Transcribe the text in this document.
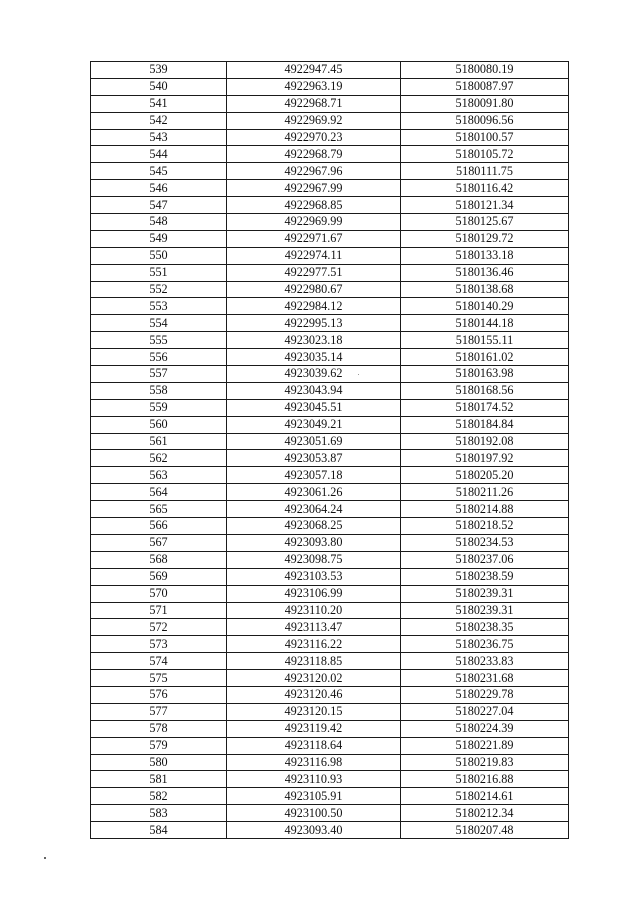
539	4922947.45	5180080.19
540	4922963.19	5180087.97
541	4922968.71	5180091.80
542	4922969.92	5180096.56
543	4922970.23	5180100.57
544	4922968.79	5180105.72
545	4922967.96	5180111.75
546	4922967.99	5180116.42
547	4922968.85	5180121.34
548	4922969.99	5180125.67
549	4922971.67	5180129.72
550	4922974.11	5180133.18
551	4922977.51	5180136.46
552	4922980.67	5180138.68
553	4922984.12	5180140.29
554	4922995.13	5180144.18
555	4923023.18	5180155.11
556	4923035.14	5180161.02
557	4923039.62	5180163.98
558	4923043.94	5180168.56
559	4923045.51	5180174.52
560	4923049.21	5180184.84
561	4923051.69	5180192.08
562	4923053.87	5180197.92
563	4923057.18	5180205.20
564	4923061.26	5180211.26
565	4923064.24	5180214.88
566	4923068.25	5180218.52
567	4923093.80	5180234.53
568	4923098.75	5180237.06
569	4923103.53	5180238.59
570	4923106.99	5180239.31
571	4923110.20	5180239.31
572	4923113.47	5180238.35
573	4923116.22	5180236.75
574	4923118.85	5180233.83
575	4923120.02	5180231.68
576	4923120.46	5180229.78
577	4923120.15	5180227.04
578	4923119.42	5180224.39
579	4923118.64	5180221.89
580	4923116.98	5180219.83
581	4923110.93	5180216.88
582	4923105.91	5180214.61
583	4923100.50	5180212.34
584	4923093.40	5180207.48
